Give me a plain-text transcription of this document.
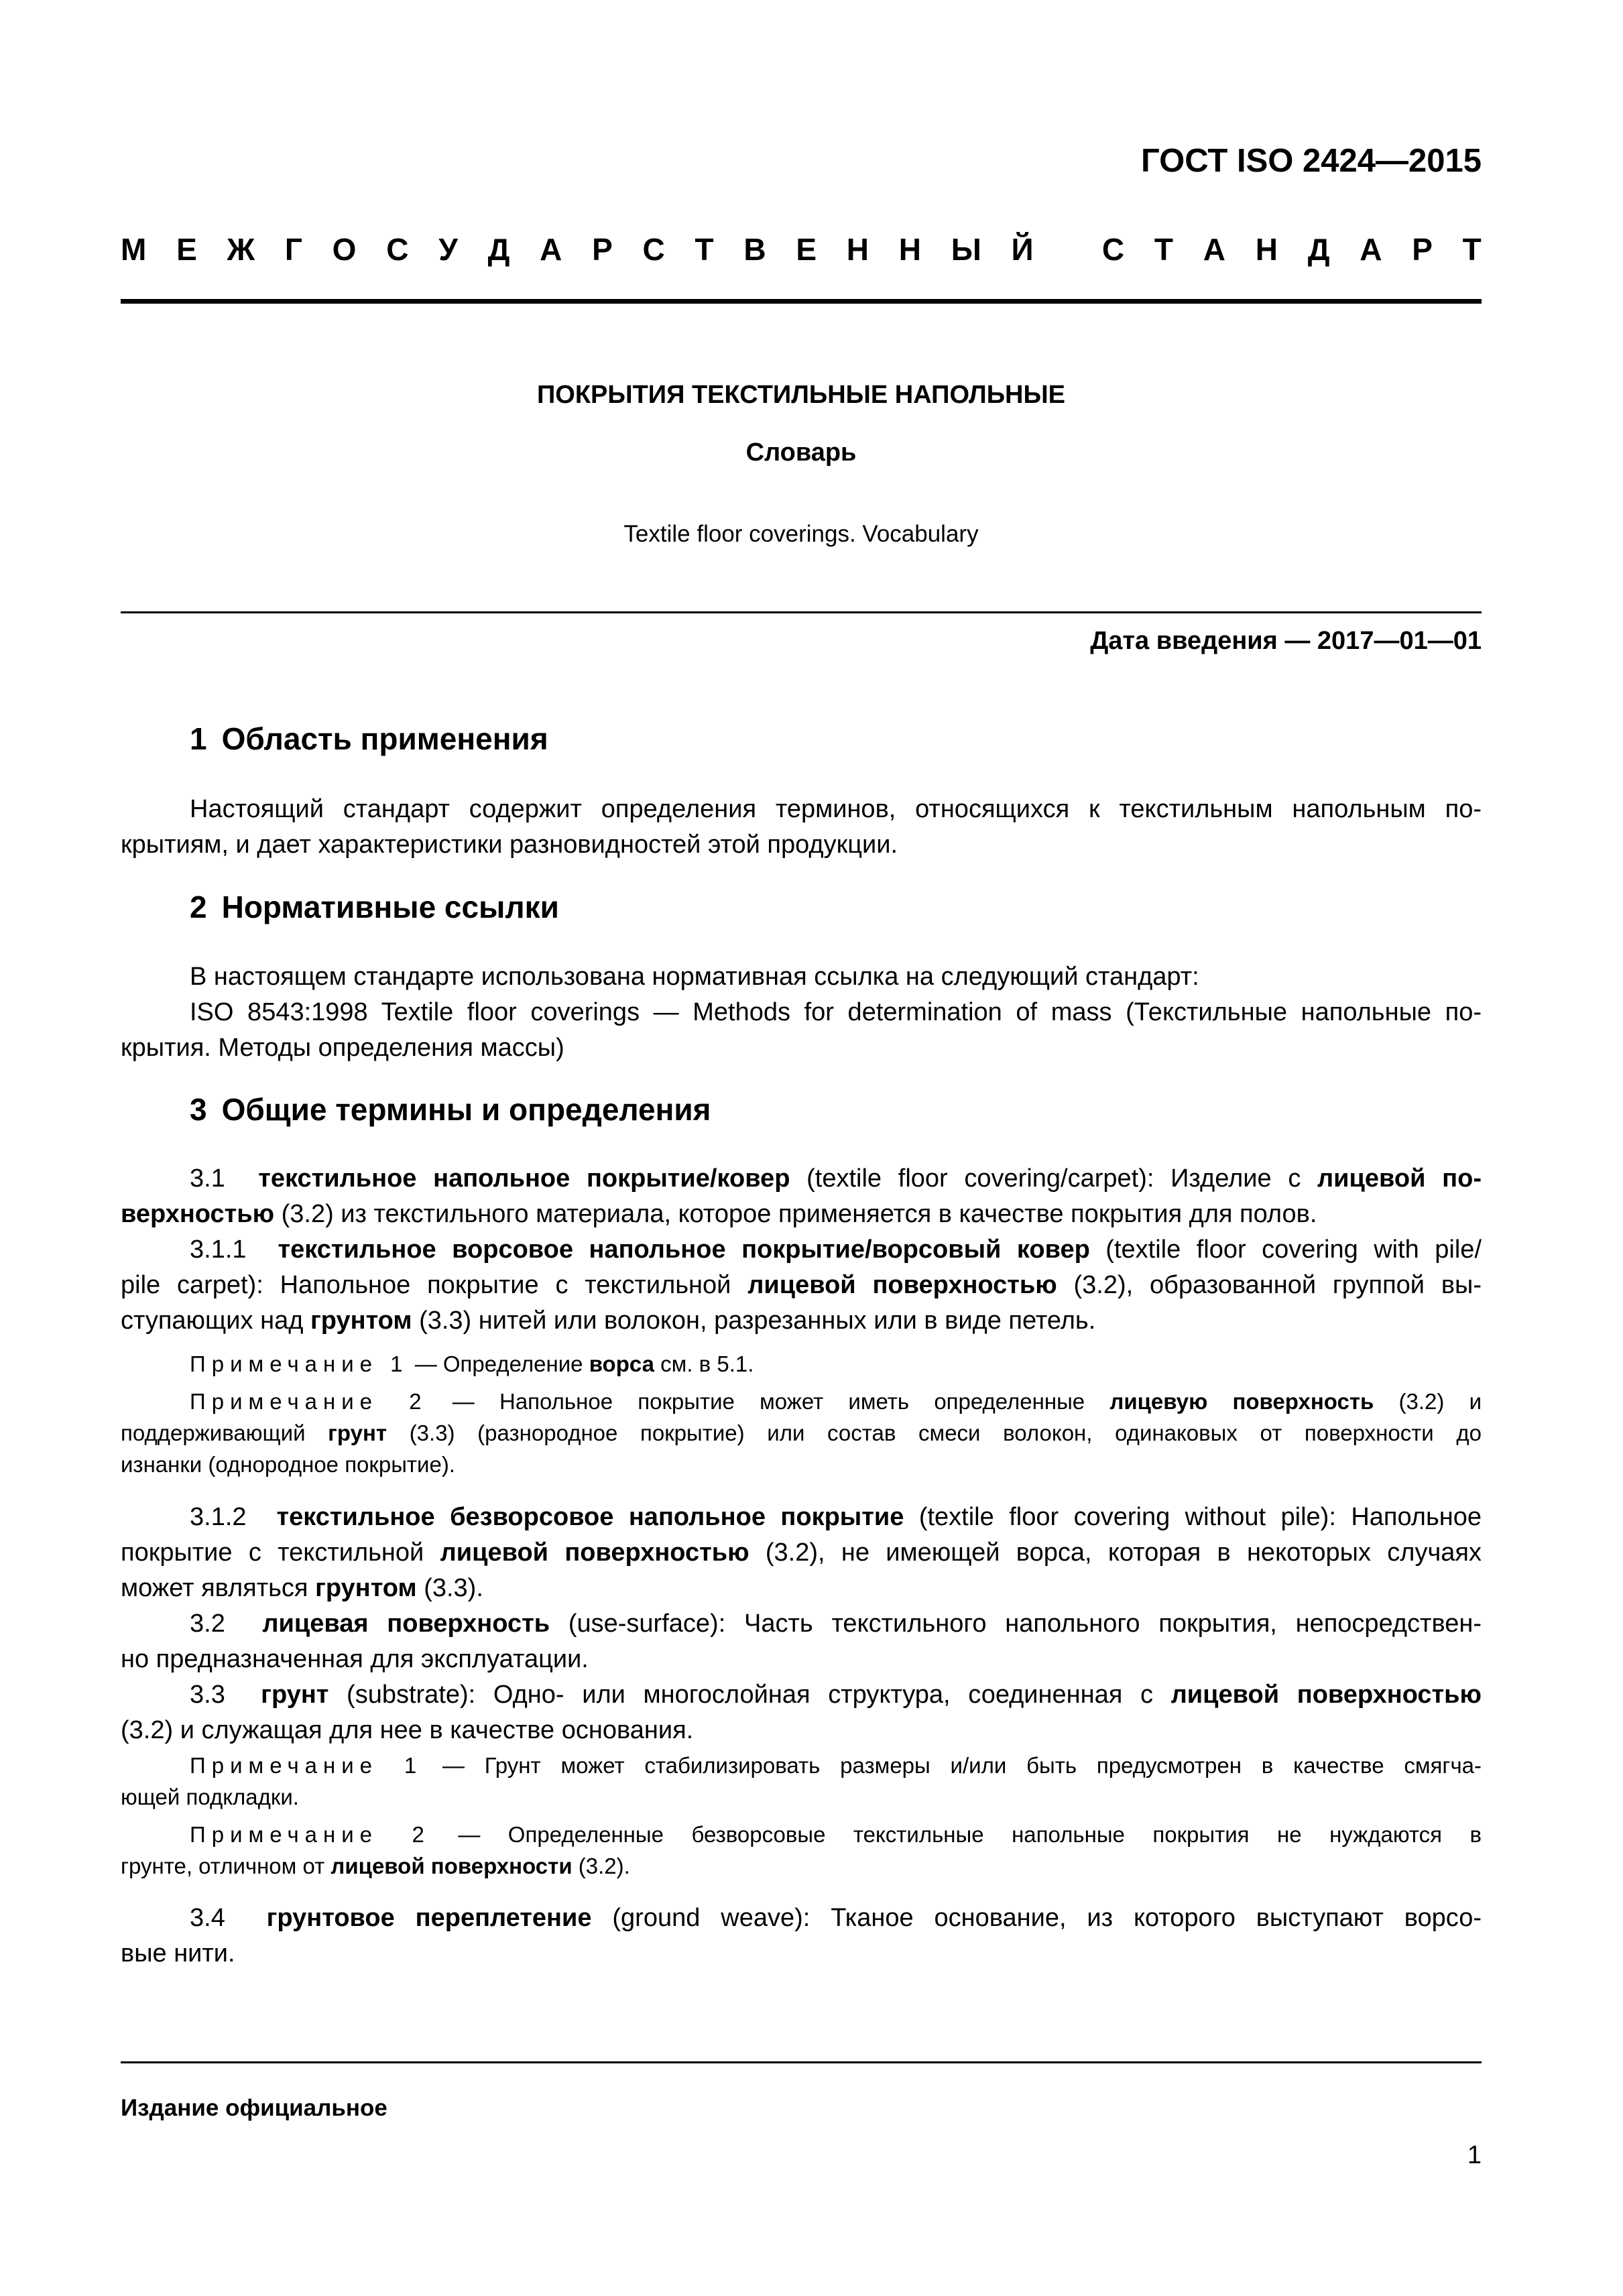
ГОСТ ISO 2424—2015
М Е Ж Г О С У Д А Р С Т В Е Н Н Ы Й
С Т А Н Д А Р Т
ПОКРЫТИЯ ТЕКСТИЛЬНЫЕ НАПОЛЬНЫЕ
Словарь
Textile floor coverings. Vocabulary
Дата введения — 2017—01—01
1 Область применения
Настоящий стандарт содержит определения терминов, относящихся к текстильным напольным по-
крытиям, и дает характеристики разновидностей этой продукции.
2 Нормативные ссылки
В настоящем стандарте использована нормативная ссылка на следующий стандарт:
ISO 8543:1998 Textile floor coverings — Methods for determination of mass (Текстильные напольные по-
крытия. Методы определения массы)
3 Общие термины и определения
3.1 текстильное напольное покрытие/ковер (textile floor covering/carpet): Изделие с лицевой по-
верхностью (3.2) из текстильного материала, которое применяется в качестве покрытия для полов.
3.1.1 текстильное ворсовое напольное покрытие/ворсовый ковер (textile floor covering with pile/
pile carpet): Напольное покрытие с текстильной лицевой поверхностью (3.2), образованной группой вы-
ступающих над грунтом (3.3) нитей или волокон, разрезанных или в виде петель.
Примечание 1 — Определение ворса см. в 5.1.
Примечание 2 — Напольное покрытие может иметь определенные лицевую поверхность (3.2) и
поддерживающий грунт (3.3) (разнородное покрытие) или состав смеси волокон, одинаковых от поверхности до
изнанки (однородное покрытие).
3.1.2 текстильное безворсовое напольное покрытие (textile floor covering without pile): Напольное
покрытие с текстильной лицевой поверхностью (3.2), не имеющей ворса, которая в некоторых случаях
может являться грунтом (3.3).
3.2 лицевая поверхность (use-surface): Часть текстильного напольного покрытия, непосредствен-
но предназначенная для эксплуатации.
3.3 грунт (substrate): Одно- или многослойная структура, соединенная с лицевой поверхностью
(3.2) и служащая для нее в качестве основания.
Примечание 1 — Грунт может стабилизировать размеры и/или быть предусмотрен в качестве смягча-
ющей подкладки.
Примечание 2 — Определенные безворсовые текстильные напольные покрытия не нуждаются в
грунте, отличном от лицевой поверхности (3.2).
3.4 грунтовое переплетение (ground weave): Тканое основание, из которого выступают ворсо-
вые нити.
Издание официальное
1
